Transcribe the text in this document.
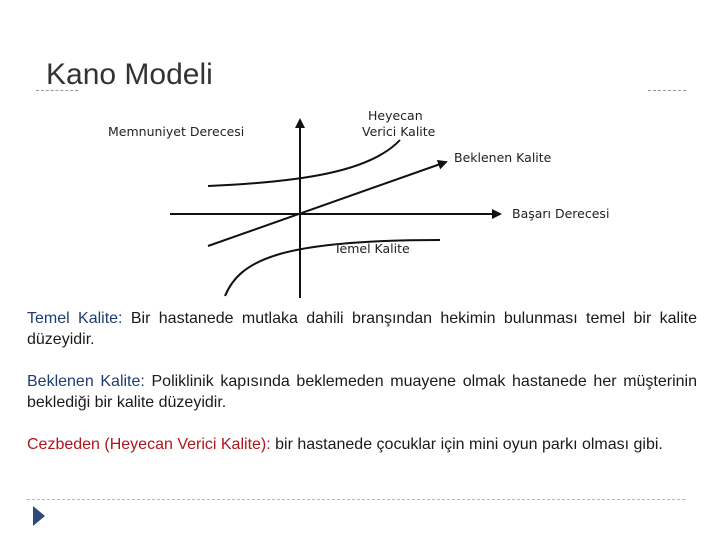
Kano Modeli
Memnuniyet Derecesi
Başarı Derecesi
Heyecan
Verici Kalite
Beklenen Kalite
Temel Kalite

Temel Kalite: Bir hastanede mutlaka dahili branşından hekimin bulunması temel bir kalite düzeyidir.

Beklenen Kalite: Poliklinik kapısında beklemeden muayene olmak hastanede her müşterinin beklediği bir kalite düzeyidir.

Cezbeden (Heyecan Verici Kalite): bir hastanede çocuklar için mini oyun parkı olması gibi.
